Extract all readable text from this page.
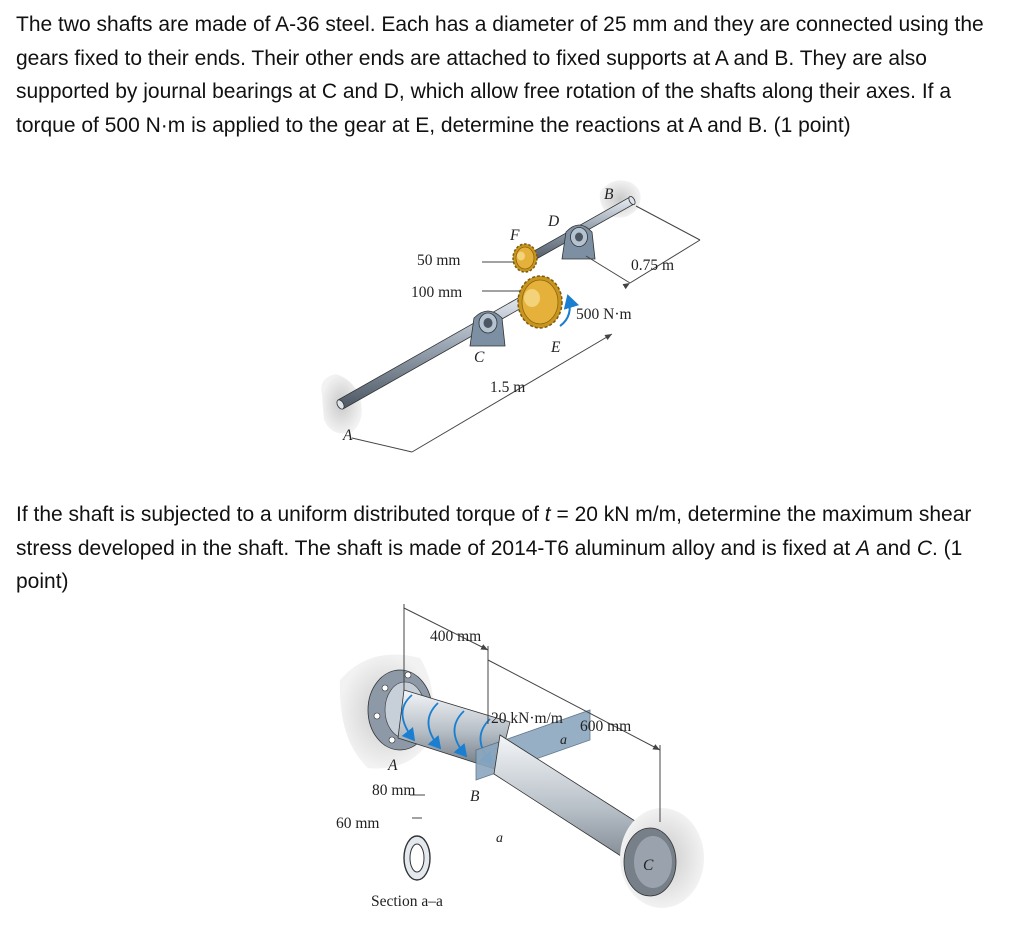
The two shafts are made of A-36 steel. Each has a diameter of 25 mm and they are connected using the gears fixed to their ends. Their other ends are attached to fixed supports at A and B. They are also supported by journal bearings at C and D, which allow free rotation of the shafts along their axes. If a torque of 500 N·m is applied to the gear at E, determine the reactions at A and B. (1 point)

If the shaft is subjected to a uniform distributed torque of t = 20 kN m/m, determine the maximum shear stress developed in the shaft. The shaft is made of 2014-T6 aluminum alloy and is fixed at A and C. (1 point)

A
B
C
D
E
F
50 mm
100 mm
0.75 m
1.5 m
500 N·m
400 mm
600 mm
20 kN·m/m
A
B
C
a
a
80 mm
60 mm
Section a–a
